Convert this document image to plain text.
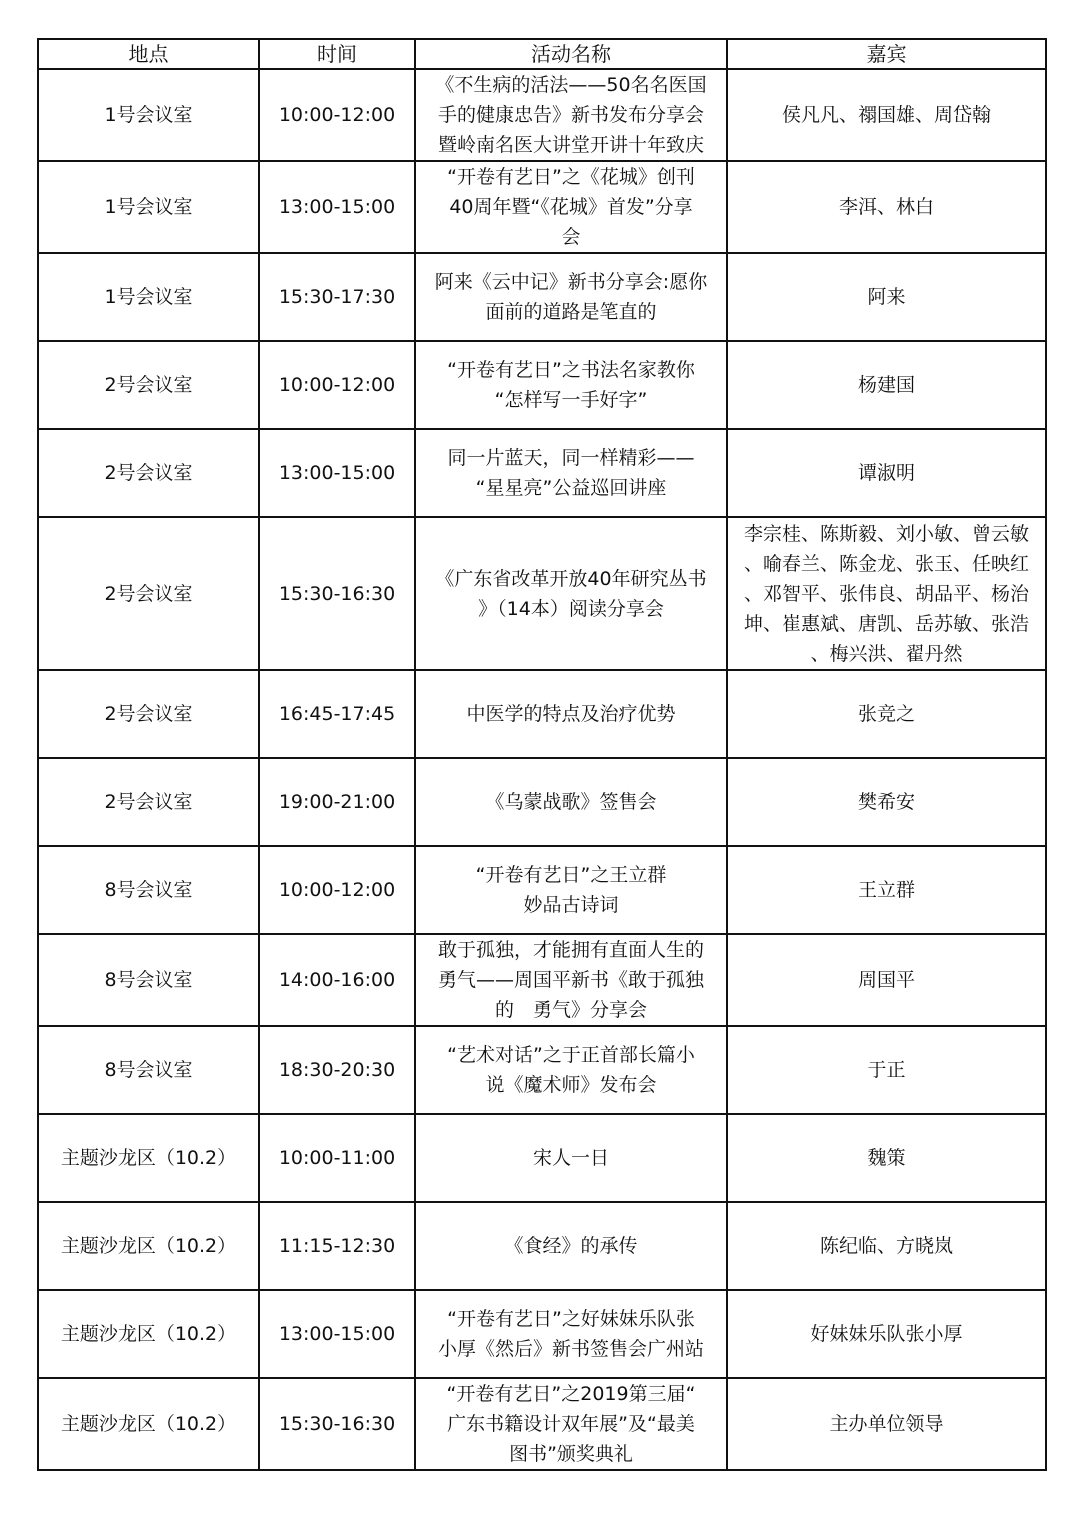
地点	时间	活动名称	嘉宾

1号会议室	10:00-12:00	《不生病的活法——50名名医国
手的健康忠告》新书发布分享会
暨岭南名医大讲堂开讲十年致庆	侯凡凡、禤国雄、周岱翰

1号会议室	13:00-15:00	“开卷有艺日”之《花城》创刊
40周年暨“《花城》首发”分享
会	李洱、林白

1号会议室	15:30-17:30	阿来《云中记》新书分享会:愿你
面前的道路是笔直的	阿来

2号会议室	10:00-12:00	“开卷有艺日”之书法名家教你
“怎样写一手好字”	杨建国

2号会议室	13:00-15:00	同一片蓝天，同一样精彩——
“星星亮”公益巡回讲座	谭淑明

2号会议室	15:30-16:30	《广东省改革开放40年研究丛书
》（14本）阅读分享会	李宗桂、陈斯毅、刘小敏、曾云敏
、喻春兰、陈金龙、张玉、任映红
、邓智平、张伟良、胡品平、杨治
坤、崔惠斌、唐凯、岳苏敏、张浩
、梅兴洪、翟丹然

2号会议室	16:45-17:45	中医学的特点及治疗优势	张竞之

2号会议室	19:00-21:00	《乌蒙战歌》签售会	樊希安

8号会议室	10:00-12:00	“开卷有艺日”之王立群
妙品古诗词	王立群

8号会议室	14:00-16:00	敢于孤独，才能拥有直面人生的
勇气——周国平新书《敢于孤独
的　勇气》分享会	周国平

8号会议室	18:30-20:30	“艺术对话”之于正首部长篇小
说《魔术师》发布会	于正

主题沙龙区（10.2）	10:00-11:00	宋人一日	魏策

主题沙龙区（10.2）	11:15-12:30	《食经》的承传	陈纪临、方晓岚

主题沙龙区（10.2）	13:00-15:00	“开卷有艺日”之好妹妹乐队张
小厚《然后》新书签售会广州站	好妹妹乐队张小厚

主题沙龙区（10.2）	15:30-16:30	“开卷有艺日”之2019第三届“
广东书籍设计双年展”及“最美
图书”颁奖典礼	主办单位领导
